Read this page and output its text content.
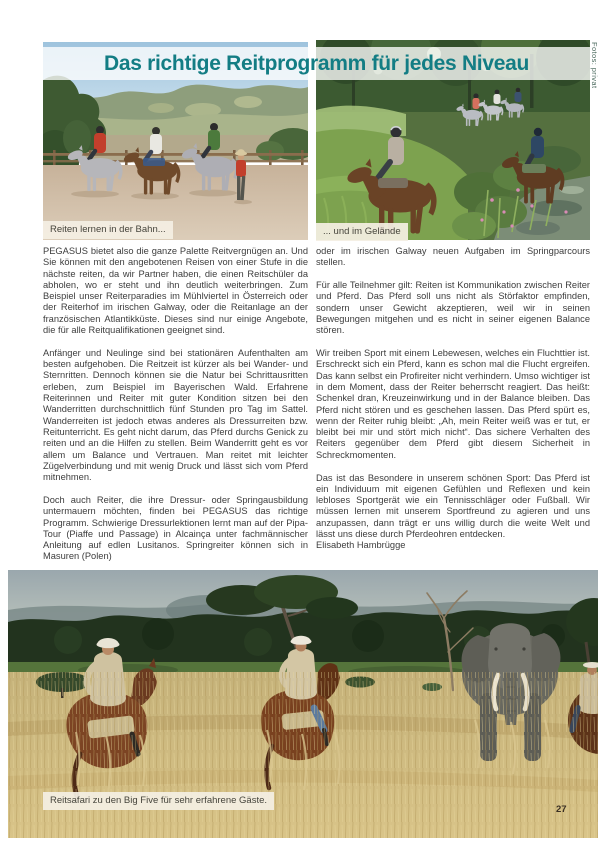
Das richtige Reitprogramm für jedes Niveau	Fotos: privat
Reiten lernen in der Bahn...	... und im Gelände

PEGASUS bietet also die ganze Palette Reitvergnügen an. Und Sie können mit den angebotenen Reisen von einer Stufe in die nächste reiten, da wir Partner haben, die einen Reitschüler da abholen, wo er steht und ihn deutlich weiterbringen. Zum Beispiel unser Reiterparadies im Mühlviertel in Österreich oder der Reiterhof im irischen Galway, oder die Reitanlage an der französischen Atlantikküste. Dieses sind nur einige Angebote, die für alle Reitqualifikationen geeignet sind.

Anfänger und Neulinge sind bei stationären Aufenthalten am besten aufgehoben. Die Reitzeit ist kürzer als bei Wander- und Sternritten. Dennoch können sie die Natur bei Schrittausritten erleben, zum Beispiel im Bayerischen Wald. Erfahrene Reiterinnen und Reiter mit guter Kondition sitzen bei den Wanderritten durchschnittlich fünf Stunden pro Tag im Sattel. Wanderreiten ist jedoch etwas anderes als Dressurreiten bzw. Reitunterricht. Es geht nicht darum, das Pferd durchs Genick zu reiten und an die Hilfen zu stellen. Beim Wanderritt geht es vor allem um Balance und Vertrauen. Man reitet mit leichter Zügelverbindung und mit wenig Druck und lässt sich vom Pferd mitnehmen.

Doch auch Reiter, die ihre Dressur- oder Springausbildung untermauern möchten, finden bei PEGASUS das richtige Programm. Schwierige Dressurlektionen lernt man auf der Pipa-Tour (Piaffe und Passage) in Alcainça unter fachmännischer Anleitung auf edlen Lusitanos. Springreiter können sich in Masuren (Polen)

oder im irischen Galway neuen Aufgaben im Springparcours stellen.

Für alle Teilnehmer gilt: Reiten ist Kommunikation zwischen Reiter und Pferd. Das Pferd soll uns nicht als Störfaktor empfinden, sondern unser Gewicht akzeptieren, weil wir in seinen Bewegungen mitgehen und es nicht in seiner eigenen Balance stören.

Wir treiben Sport mit einem Lebewesen, welches ein Fluchttier ist. Erschreckt sich ein Pferd, kann es schon mal die Flucht ergreifen. Das kann selbst ein Profireiter nicht verhindern. Umso wichtiger ist in dem Moment, dass der Reiter beherrscht reagiert. Das heißt: Schenkel dran, Kreuzeinwirkung und in der Balance bleiben. Das Pferd nicht stören und es geschehen lassen. Das Pferd spürt es, wenn der Reiter ruhig bleibt: „Ah, mein Reiter weiß was er tut, er bleibt bei mir und stört mich nicht“. Das sichere Verhalten des Reiters gegenüber dem Pferd gibt diesem Sicherheit in Schreckmomenten.

Das ist das Besondere in unserem schönen Sport: Das Pferd ist ein Individuum mit eigenen Gefühlen und Reflexen und kein lebloses Sportgerät wie ein Tennisschläger oder Fußball. Wir müssen lernen mit unserem Sportfreund zu agieren und uns anzupassen, dann trägt er uns willig durch die weite Welt und lässt uns diese durch Pferdeohren entdecken.

Elisabeth Hambrügge

Reitsafari zu den Big Five für sehr erfahrene Gäste.
27
